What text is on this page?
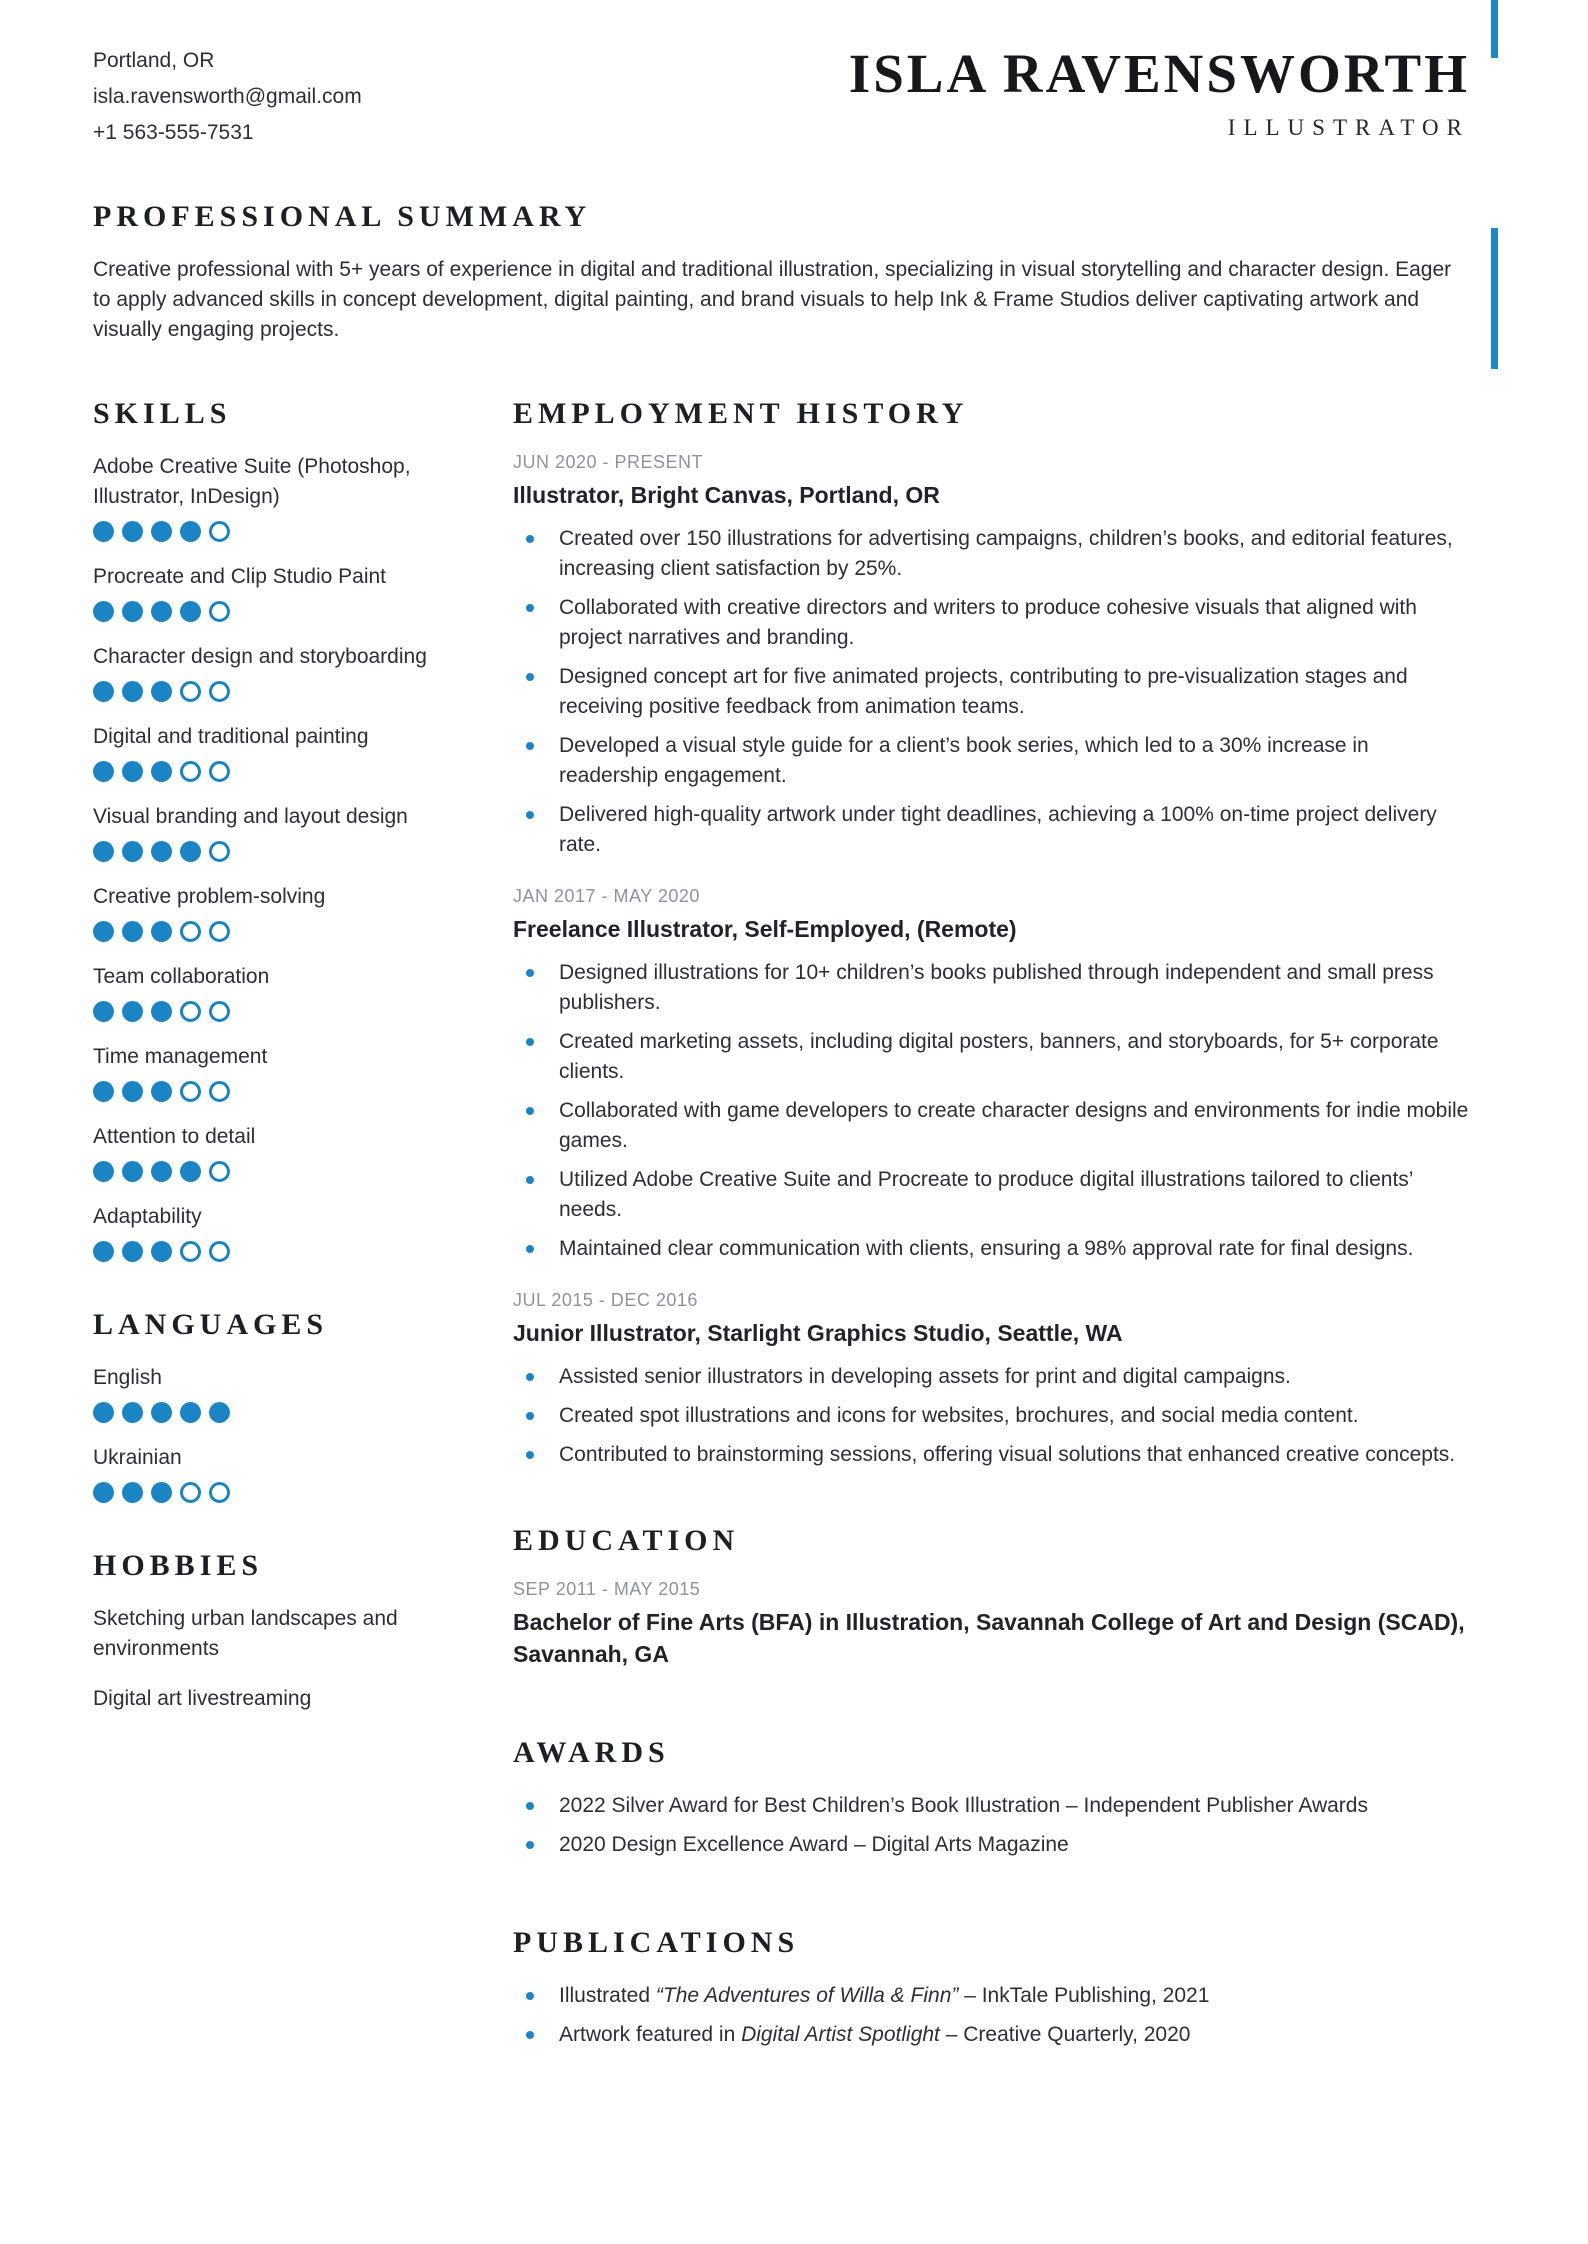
Portland, OR
isla.ravensworth@gmail.com
+1 563-555-7531
ISLA RAVENSWORTH
ILLUSTRATOR
PROFESSIONAL SUMMARY

Creative professional with 5+ years of experience in digital and traditional illustration, specializing in visual storytelling and character design. Eager to apply advanced skills in concept development, digital painting, and brand visuals to help Ink & Frame Studios deliver captivating artwork and visually engaging projects.

SKILLS
Adobe Creative Suite (Photoshop, Illustrator, InDesign)
Procreate and Clip Studio Paint
Character design and storyboarding
Digital and traditional painting
Visual branding and layout design
Creative problem-solving
Team collaboration
Time management
Attention to detail
Adaptability
LANGUAGES
English
Ukrainian
HOBBIES

Sketching urban landscapes and environments

Digital art livestreaming

EMPLOYMENT HISTORY
JUN 2020 - PRESENT
Illustrator, Bright Canvas, Portland, OR
Created over 150 illustrations for advertising campaigns, children’s books, and editorial features, increasing client satisfaction by 25%.
Collaborated with creative directors and writers to produce cohesive visuals that aligned with project narratives and branding.
Designed concept art for five animated projects, contributing to pre-visualization stages and receiving positive feedback from animation teams.
Developed a visual style guide for a client’s book series, which led to a 30% increase in readership engagement.
Delivered high-quality artwork under tight deadlines, achieving a 100% on-time project delivery rate.
JAN 2017 - MAY 2020
Freelance Illustrator, Self-Employed, (Remote)
Designed illustrations for 10+ children’s books published through independent and small press publishers.
Created marketing assets, including digital posters, banners, and storyboards, for 5+ corporate clients.
Collaborated with game developers to create character designs and environments for indie mobile games.
Utilized Adobe Creative Suite and Procreate to produce digital illustrations tailored to clients’ needs.
Maintained clear communication with clients, ensuring a 98% approval rate for final designs.
JUL 2015 - DEC 2016
Junior Illustrator, Starlight Graphics Studio, Seattle, WA
Assisted senior illustrators in developing assets for print and digital campaigns.
Created spot illustrations and icons for websites, brochures, and social media content.
Contributed to brainstorming sessions, offering visual solutions that enhanced creative concepts.
EDUCATION
SEP 2011 - MAY 2015
Bachelor of Fine Arts (BFA) in Illustration, Savannah College of Art and Design (SCAD), Savannah, GA
AWARDS
2022 Silver Award for Best Children’s Book Illustration – Independent Publisher Awards
2020 Design Excellence Award – Digital Arts Magazine
PUBLICATIONS
Illustrated “The Adventures of Willa & Finn” – InkTale Publishing, 2021
Artwork featured in Digital Artist Spotlight – Creative Quarterly, 2020
